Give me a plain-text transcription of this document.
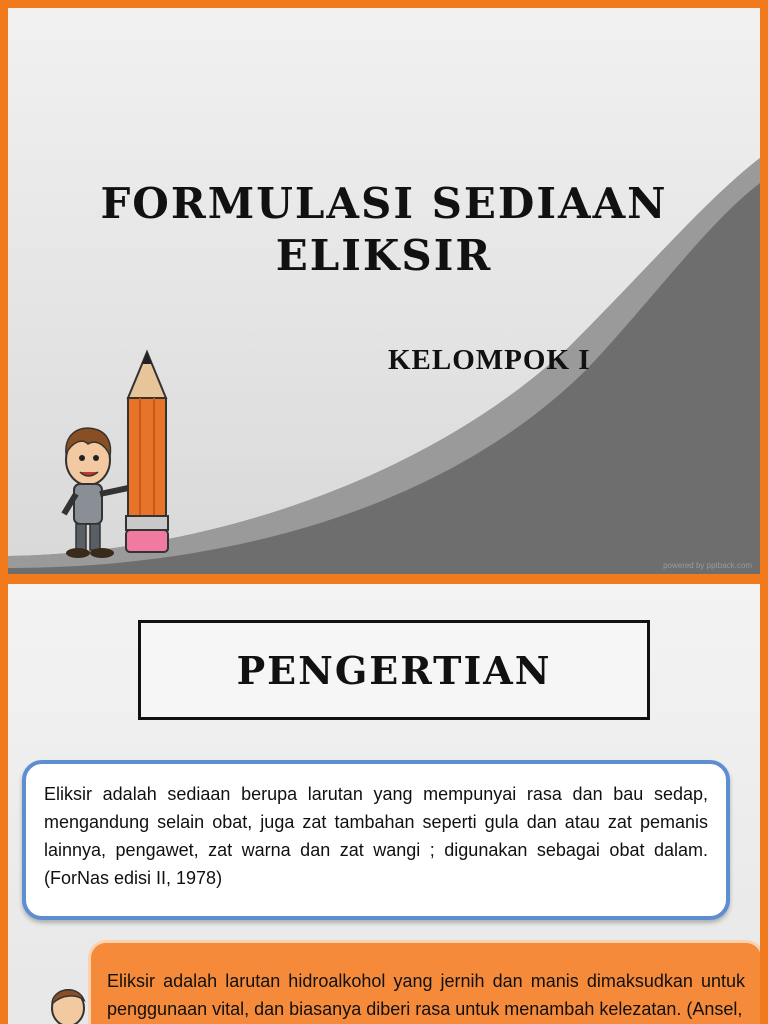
FORMULASI SEDIAAN ELIKSIR
KELOMPOK I
powered by pptback.com
PENGERTIAN

Eliksir adalah sediaan berupa larutan yang mempunyai rasa dan bau sedap, mengandung selain obat, juga zat tambahan seperti gula dan atau zat pemanis lainnya, pengawet, zat warna dan zat wangi ; digunakan sebagai obat dalam. (ForNas edisi II, 1978)

Eliksir adalah larutan hidroalkohol yang jernih dan manis dimaksudkan untuk penggunaan vital, dan biasanya diberi rasa untuk menambah kelezatan. (Ansel,
